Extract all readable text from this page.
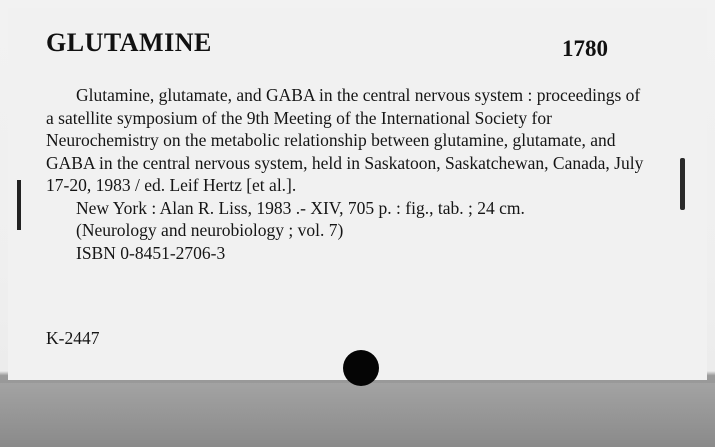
GLUTAMINE	1780

Glutamine, glutamate, and GABA in the central nervous system : proceedings of a satellite symposium of the 9th Meeting of the International Society for Neurochemistry on the metabolic relationship between glutamine, glutamate, and GABA in the central nervous system, held in Saskatoon, Saskatchewan, Canada, July 17-20, 1983 / ed. Leif Hertz [et al.].

New York : Alan R. Liss, 1983 .- XIV, 705 p. : fig., tab. ; 24 cm.

(Neurology and neurobiology ; vol. 7)

ISBN 0-8451-2706-3

K-2447
